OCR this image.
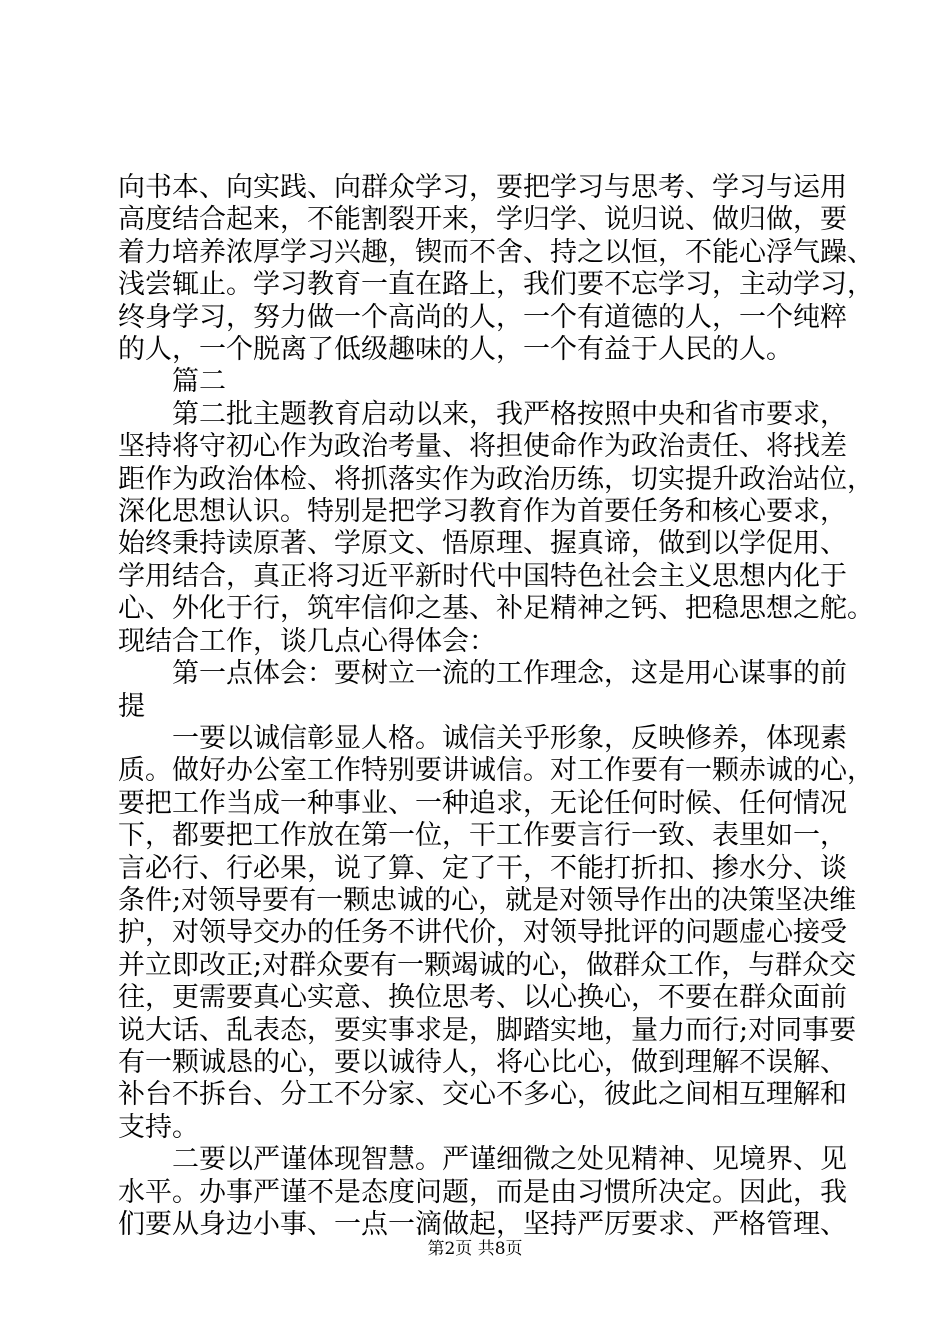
向书本、向实践、向群众学习，要把学习与思考、学习与运用
高度结合起来，不能割裂开来，学归学、说归说、做归做，要
着力培养浓厚学习兴趣，锲而不舍、持之以恒，不能心浮气躁、
浅尝辄止。学习教育一直在路上，我们要不忘学习，主动学习，
终身学习，努力做一个高尚的人，一个有道德的人，一个纯粹
的人，一个脱离了低级趣味的人，一个有益于人民的人。
　　篇二
　　第二批主题教育启动以来，我严格按照中央和省市要求，
坚持将守初心作为政治考量、将担使命作为政治责任、将找差
距作为政治体检、将抓落实作为政治历练，切实提升政治站位，
深化思想认识。特别是把学习教育作为首要任务和核心要求，
始终秉持读原著、学原文、悟原理、握真谛，做到以学促用、
学用结合，真正将习近平新时代中国特色社会主义思想内化于
心、外化于行，筑牢信仰之基、补足精神之钙、把稳思想之舵。
现结合工作，谈几点心得体会：
　　第一点体会：要树立一流的工作理念，这是用心谋事的前
提
　　一要以诚信彰显人格。诚信关乎形象，反映修养，体现素
质。做好办公室工作特别要讲诚信。对工作要有一颗赤诚的心，
要把工作当成一种事业、一种追求，无论任何时候、任何情况
下，都要把工作放在第一位，干工作要言行一致、表里如一，
言必行、行必果，说了算、定了干，不能打折扣、掺水分、谈
条件;对领导要有一颗忠诚的心，就是对领导作出的决策坚决维
护，对领导交办的任务不讲代价，对领导批评的问题虚心接受
并立即改正;对群众要有一颗竭诚的心，做群众工作，与群众交
往，更需要真心实意、换位思考、以心换心，不要在群众面前
说大话、乱表态，要实事求是，脚踏实地，量力而行;对同事要
有一颗诚恳的心，要以诚待人，将心比心，做到理解不误解、
补台不拆台、分工不分家、交心不多心，彼此之间相互理解和
支持。
　　二要以严谨体现智慧。严谨细微之处见精神、见境界、见
水平。办事严谨不是态度问题，而是由习惯所决定。因此，我
们要从身边小事、一点一滴做起，坚持严厉要求、严格管理、
第2页 共8页
